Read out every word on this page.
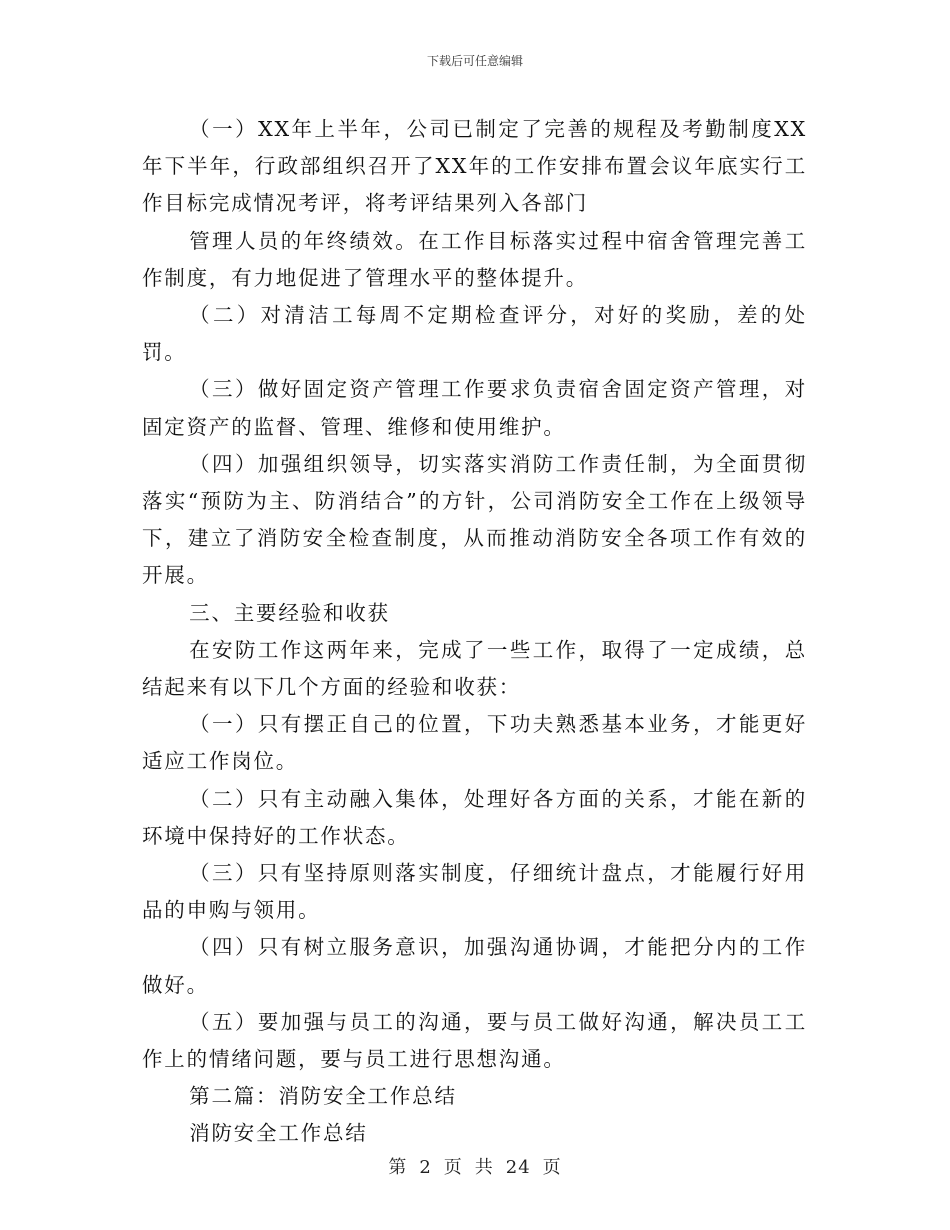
下载后可任意编辑

（一）XX年上半年，公司已制定了完善的规程及考勤制度XX年下半年，行政部组织召开了XX年的工作安排布置会议年底实行工作目标完成情况考评，将考评结果列入各部门

管理人员的年终绩效。在工作目标落实过程中宿舍管理完善工作制度，有力地促进了管理水平的整体提升。

（二）对清洁工每周不定期检查评分，对好的奖励，差的处罚。

（三）做好固定资产管理工作要求负责宿舍固定资产管理，对固定资产的监督、管理、维修和使用维护。

（四）加强组织领导，切实落实消防工作责任制，为全面贯彻落实“预防为主、防消结合”的方针，公司消防安全工作在上级领导下，建立了消防安全检查制度，从而推动消防安全各项工作有效的开展。

三、主要经验和收获

在安防工作这两年来，完成了一些工作，取得了一定成绩，总结起来有以下几个方面的经验和收获：

（一）只有摆正自己的位置，下功夫熟悉基本业务，才能更好适应工作岗位。

（二）只有主动融入集体，处理好各方面的关系，才能在新的环境中保持好的工作状态。

（三）只有坚持原则落实制度，仔细统计盘点，才能履行好用品的申购与领用。

（四）只有树立服务意识，加强沟通协调，才能把分内的工作做好。

（五）要加强与员工的沟通，要与员工做好沟通，解决员工工作上的情绪问题，要与员工进行思想沟通。

第二篇：消防安全工作总结

消防安全工作总结

第 2 页 共 24 页
